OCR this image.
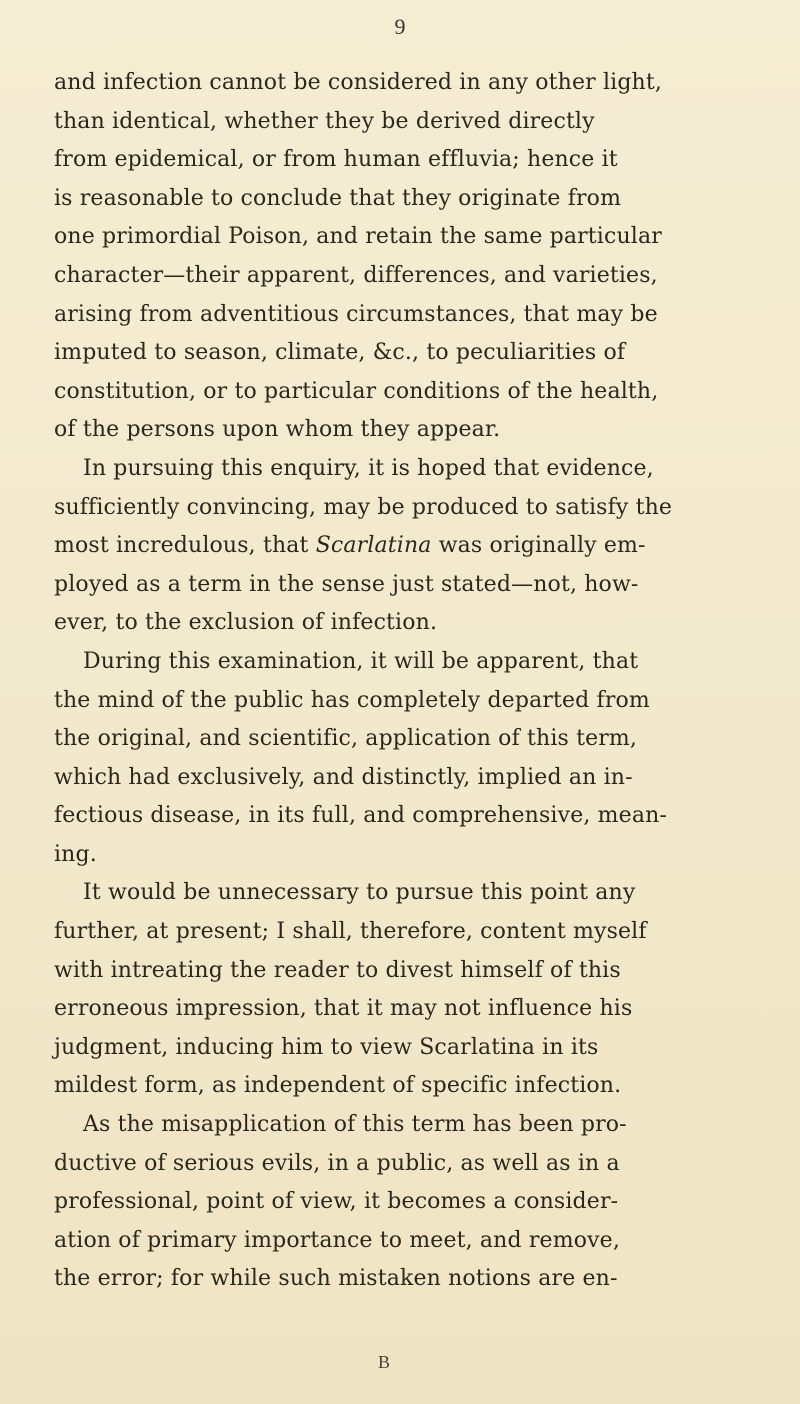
9

and infection cannot be considered in any other light,
than identical, whether they be derived directly
from epidemical, or from human effluvia; hence it
is reasonable to conclude that they originate from
one primordial Poison, and retain the same particular
character—their apparent, differences, and varieties,
arising from adventitious circumstances, that may be
imputed to season, climate, &c., to peculiarities of
constitution, or to particular conditions of the health,
of the persons upon whom they appear.
In pursuing this enquiry, it is hoped that evidence,
sufficiently convincing, may be produced to satisfy the
most incredulous, that Scarlatina was originally em-
ployed as a term in the sense just stated—not, how-
ever, to the exclusion of infection.
During this examination, it will be apparent, that
the mind of the public has completely departed from
the original, and scientific, application of this term,
which had exclusively, and distinctly, implied an in-
fectious disease, in its full, and comprehensive, mean-
ing.
It would be unnecessary to pursue this point any
further, at present; I shall, therefore, content myself
with intreating the reader to divest himself of this
erroneous impression, that it may not influence his
judgment, inducing him to view Scarlatina in its
mildest form, as independent of specific infection.
As the misapplication of this term has been pro-
ductive of serious evils, in a public, as well as in a
professional, point of view, it becomes a consider-
ation of primary importance to meet, and remove,
the error; for while such mistaken notions are en-

B
